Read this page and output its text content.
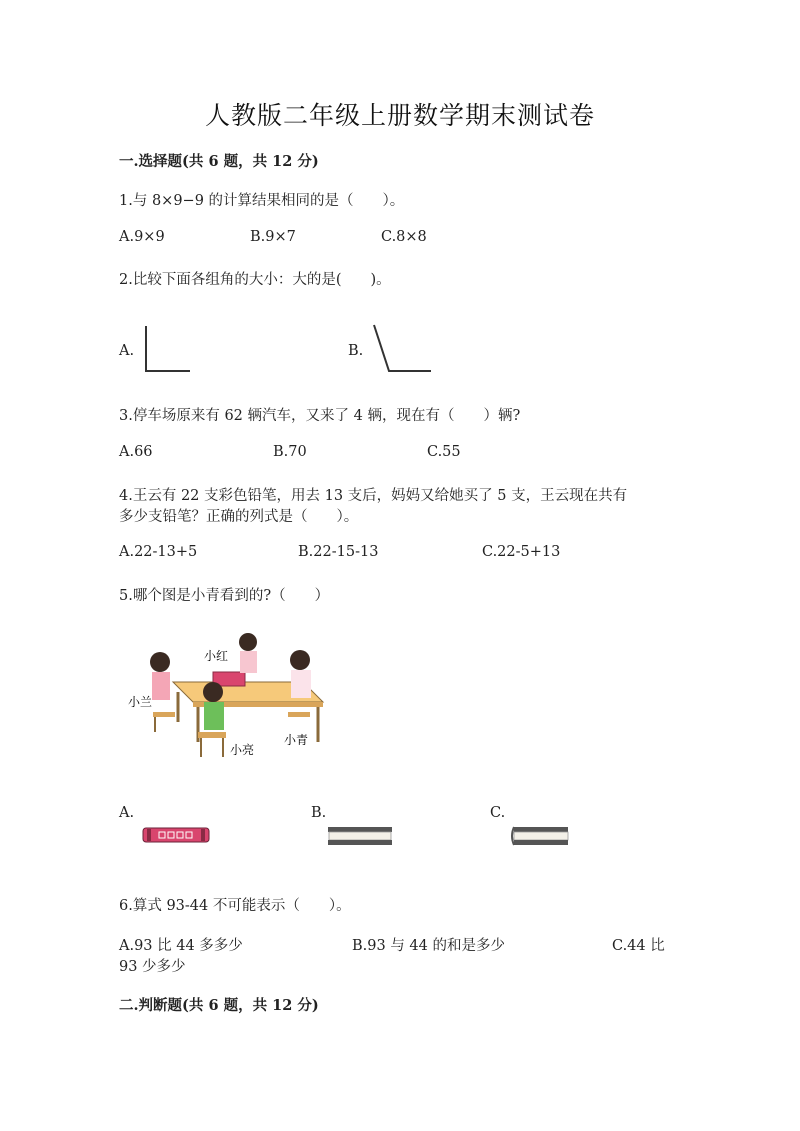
人教版二年级上册数学期末测试卷
一.选择题(共 6 题，共 12 分)
1.与 8×9−9 的计算结果相同的是（　　）。
A.9×9	B.9×7	C.8×8
2.比较下面各组角的大小：大的是(　　)。
A.	B.
3.停车场原来有 62 辆汽车，又来了 4 辆，现在有（　　）辆?
A.66	B.70	C.55
4.王云有 22 支彩色铅笔，用去 13 支后，妈妈又给她买了 5 支，王云现在共有
多少支铅笔？正确的列式是（　　）。
A.22-13+5	B.22-15-13	C.22-5+13
5.哪个图是小青看到的?（　　）
小红
小兰
小亮
小青
A.	B.	C.
6.算式 93-44 不可能表示（　　）。
A.93 比 44 多多少	B.93 与 44 的和是多少	C.44 比
93 少多少
二.判断题(共 6 题，共 12 分)
